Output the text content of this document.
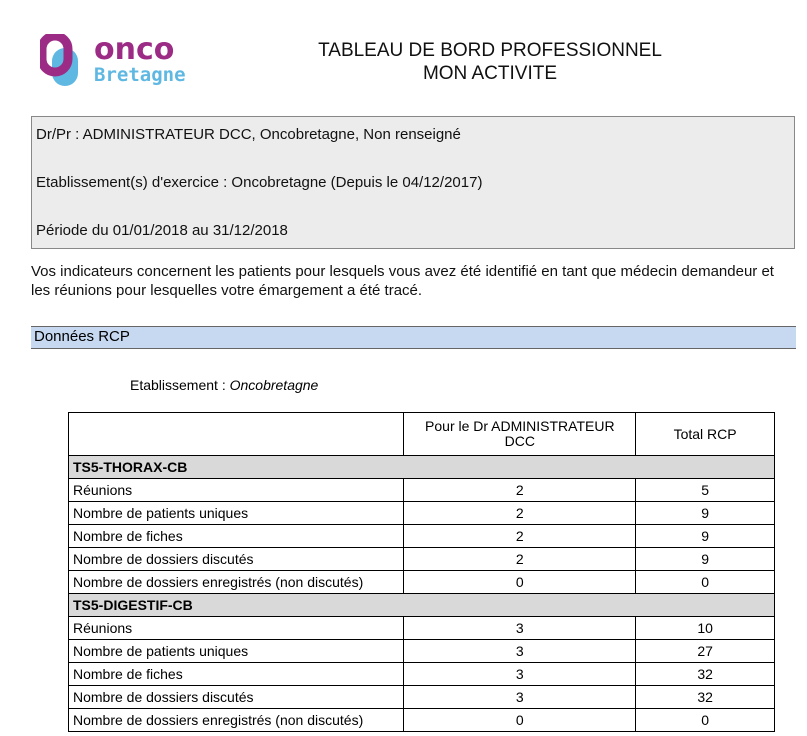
onco
Bretagne
TABLEAU DE BORD PROFESSIONNEL
MON ACTIVITE
Dr/Pr : ADMINISTRATEUR DCC, Oncobretagne, Non renseigné
Etablissement(s) d'exercice : Oncobretagne (Depuis le 04/12/2017)
Période du 01/01/2018 au 31/12/2018
Vos indicateurs concernent les patients pour lesquels vous avez été identifié en tant que médecin demandeur et les réunions pour lesquelles votre émargement a été tracé.
Données RCP
Etablissement : Oncobretagne
	Pour le Dr ADMINISTRATEUR DCC	Total RCP
TS5-THORAX-CB		
Réunions	2	5
Nombre de patients uniques	2	9
Nombre de fiches	2	9
Nombre de dossiers discutés	2	9
Nombre de dossiers enregistrés (non discutés)	0	0
TS5-DIGESTIF-CB		
Réunions	3	10
Nombre de patients uniques	3	27
Nombre de fiches	3	32
Nombre de dossiers discutés	3	32
Nombre de dossiers enregistrés (non discutés)	0	0
